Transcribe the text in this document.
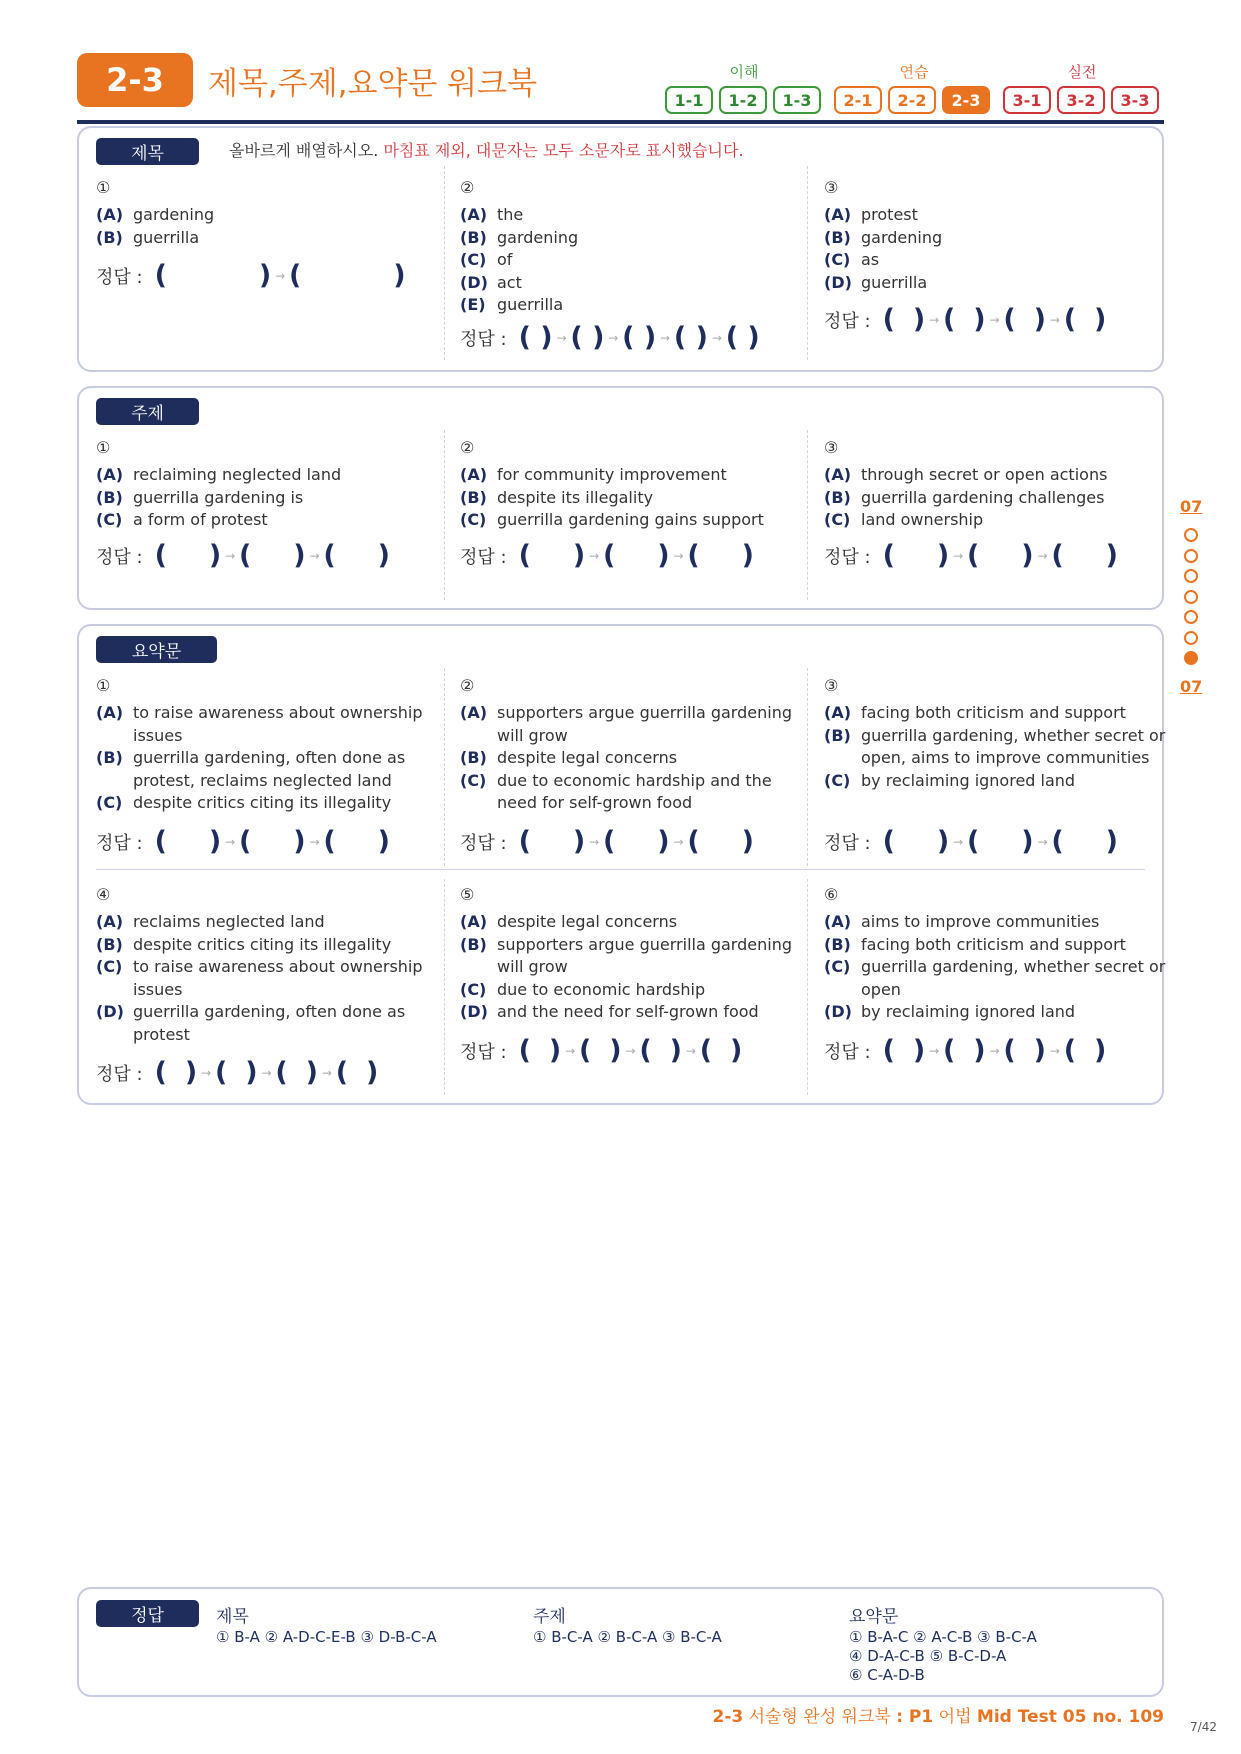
2-3	제목,주제,요약문 워크북	이해	연습	실전
1-1	1-2	1-3	2-1	2-2	2-3	3-1	3-2	3-3
제목	올바르게 배열하시오. 마침표 제외, 대문자는 모두 소문자로 표시했습니다.
①
(A) gardening
(B) guerrilla
정답 : (	) → (	)
②
(A) the
(B) gardening
(C) of
(D) act
(E) guerrilla
정답 : ( ) → ( ) → ( ) → ( ) → ( )
③
(A) protest
(B) gardening
(C) as
(D) guerrilla
정답 : ( ) → ( ) → ( ) → ( )
주제
①
(A) reclaiming neglected land
(B) guerrilla gardening is
(C) a form of protest
정답 : ( ) → ( ) → ( )
②
(A) for community improvement
(B) despite its illegality
(C) guerrilla gardening gains support
정답 : ( ) → ( ) → ( )
③
(A) through secret or open actions
(B) guerrilla gardening challenges
(C) land ownership
정답 : ( ) → ( ) → ( )
요약문
①
(A) to raise awareness about ownership issues
(B) guerrilla gardening, often done as protest, reclaims neglected land
(C) despite critics citing its illegality
정답 : ( ) → ( ) → ( )
②
(A) supporters argue guerrilla gardening will grow
(B) despite legal concerns
(C) due to economic hardship and the need for self-grown food
정답 : ( ) → ( ) → ( )
③
(A) facing both criticism and support
(B) guerrilla gardening, whether secret or open, aims to improve communities
(C) by reclaiming ignored land
정답 : ( ) → ( ) → ( )
④
(A) reclaims neglected land
(B) despite critics citing its illegality
(C) to raise awareness about ownership issues
(D) guerrilla gardening, often done as protest
정답 : ( ) → ( ) → ( ) → ( )
⑤
(A) despite legal concerns
(B) supporters argue guerrilla gardening will grow
(C) due to economic hardship
(D) and the need for self-grown food
정답 : ( ) → ( ) → ( ) → ( )
⑥
(A) aims to improve communities
(B) facing both criticism and support
(C) guerrilla gardening, whether secret or open
(D) by reclaiming ignored land
정답 : ( ) → ( ) → ( ) → ( )
07
07
정답	제목
① B-A ② A-D-C-E-B ③ D-B-C-A
주제
① B-C-A ② B-C-A ③ B-C-A
요약문
① B-A-C ② A-C-B ③ B-C-A
④ D-A-C-B ⑤ B-C-D-A
⑥ C-A-D-B
2-3 서술형 완성 워크북 : P1 어법 Mid Test 05 no. 109 7/42
